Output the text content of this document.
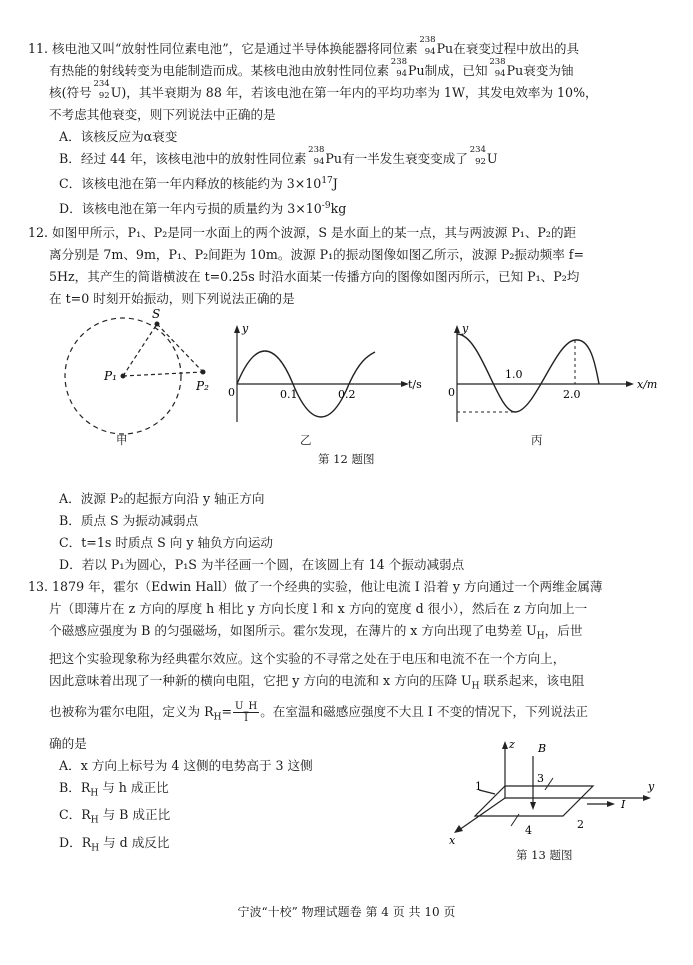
11. 核电池又叫“放射性同位素电池”，它是通过半导体换能器将同位素
238
94 Pu在衰变过程中放出的具
有热能的射线转变为电能制造而成。某核电池由放射性同位素
238
94 Pu制成，已知
238
94 Pu衰变为铀
核(符号
234
92 U)，其半衰期为 88 年，若该电池在第一年内的平均功率为 1W，其发电效率为 10%，
不考虑其他衰变，则下列说法中正确的是
A．该核反应为α衰变
B．经过 44 年，该核电池中的放射性同位素
238
94 Pu有一半发生衰变变成了
234
92 U
C．该核电池在第一年内释放的核能约为 $3\times 10^{17}J$
D．该核电池在第一年内亏损的质量约为 $3\times 10^{-9}kg$
12. 如图甲所示，P₁、P₂是同一水面上的两个波源，S 是水面上的某一点，其与两波源 P₁、P₂的距
离分别是 7m、9m，P₁、P₂间距为 10m。波源 P₁的振动图像如图乙所示，波源 P₂振动频率 f=
5Hz，其产生的简谐横波在 t=0.25s 时沿水面某一传播方向的图像如图丙所示，已知 P₁、P₂均
在 t=0 时刻开始振动，则下列说法正确的是
S
P₁
P₂
甲
0
y
0.1	0.2
t/s
乙
0
y
1.0
2.0
x/m
丙
第 12 题图
A．波源 P₂的起振方向沿 y 轴正方向
B．质点 S 为振动减弱点
C．t=1s 时质点 S 向 y 轴负方向运动
D．若以 P₁为圆心，P₁S 为半径画一个圆，在该圆上有 14 个振动减弱点
13. 1879 年，霍尔（Edwin Hall）做了一个经典的实验，他让电流 I 沿着 y 方向通过一个两维金属薄
片（即薄片在 z 方向的厚度 h 相比 y 方向长度 l 和 x 方向的宽度 d 很小），然后在 z 方向加上一
个磁感应强度为 B 的匀强磁场，如图所示。霍尔发现，在薄片的 x 方向出现了电势差 $U_H$，后世
把这个实验现象称为经典霍尔效应。这个实验的不寻常之处在于电压和电流不在一个方向上，
因此意味着出现了一种新的横向电阻，它把 y 方向的电流和 x 方向的压降 $U_H$ 联系起来，该电阻
也被称为霍尔电阻，定义为 $R_H= \frac{U\_H}{I}$ 。在室温和磁感应强度不大且 I 不变的情况下，下列说法正
确的是
A．x 方向上标号为 4 这侧的电势高于 3 这侧
B．$R_H$ 与 h 成正比
C．$R_H$ 与 B 成正比
D．$R_H$ 与 d 成反比
z B
y
x
I
1
2
3
4
第 13 题图
宁波“十校” 物理试题卷 第 4 页 共 10 页
